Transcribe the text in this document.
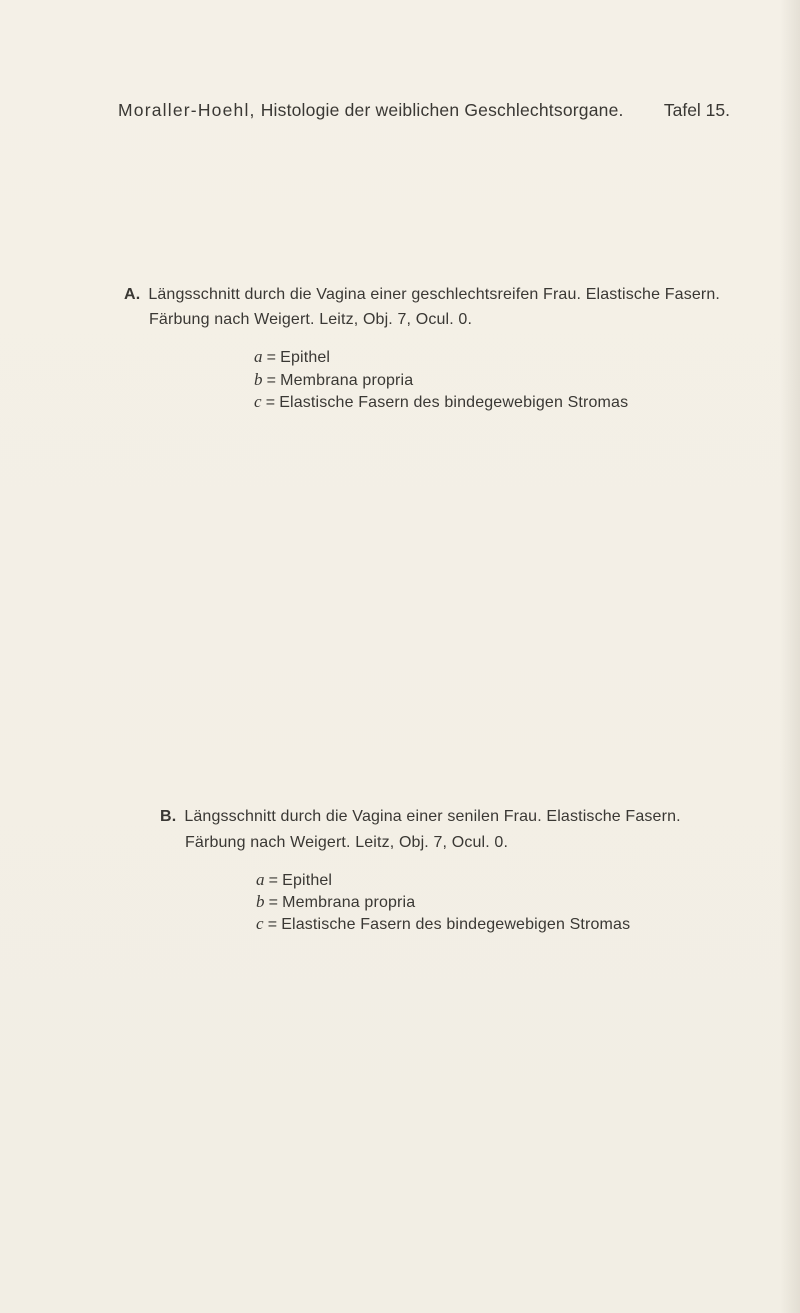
Moraller-Hoehl, Histologie der weiblichen Geschlechtsorgane. Tafel 15.
A. Längsschnitt durch die Vagina einer geschlechtsreifen Frau. Elastische Fasern.
Färbung nach Weigert. Leitz, Obj. 7, Ocul. 0.
a = Epithel
b = Membrana propria
c = Elastische Fasern des bindegewebigen Stromas
B. Längsschnitt durch die Vagina einer senilen Frau. Elastische Fasern.
Färbung nach Weigert. Leitz, Obj. 7, Ocul. 0.
a = Epithel
b = Membrana propria
c = Elastische Fasern des bindegewebigen Stromas
